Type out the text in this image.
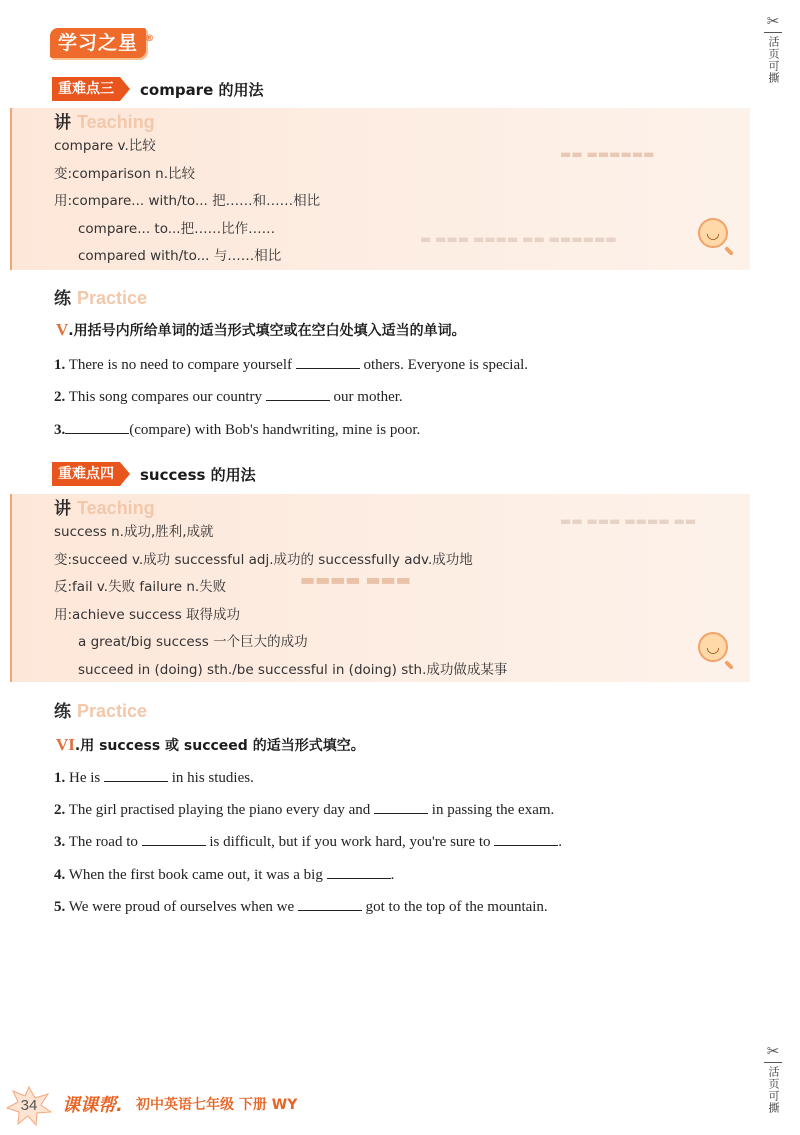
学习之星 ®
✂
活页可撕
✂
活页可撕
重难点三	compare 的用法
▬▬ ▬▬▬▬▬▬
▬ ▬▬▬ ▬▬▬▬ ▬▬ ▬▬▬▬▬▬
讲 Teaching
compare v.比较
变:comparison n.比较
用:compare... with/to... 把……和……相比
compare... to...把……比作……
compared with/to... 与……相比
◡
练 Practice
V.用括号内所给单词的适当形式填空或在空白处填入适当的单词。
1. There is no need to compare yourself	others. Everyone is special.
2. This song compares our country	our mother.
3.	(compare) with Bob's handwriting, mine is poor.
重难点四	success 的用法
▬▬▬▬ ▬▬▬
▬▬ ▬▬▬ ▬▬▬▬ ▬▬
讲 Teaching
success n.成功,胜利,成就
变:succeed v.成功 successful adj.成功的 successfully adv.成功地
反:fail v.失败 failure n.失败
用:achieve success 取得成功
a great/big success 一个巨大的成功
succeed in (doing) sth./be successful in (doing) sth.成功做成某事
◡
练 Practice
VI.用 success 或 succeed 的适当形式填空。
1. He is	in his studies.
2. The girl practised playing the piano every day and	in passing the exam.
3. The road to	is difficult, but if you work hard, you're sure to	.
4. When the first book came out, it was a big	.
5. We were proud of ourselves when we	got to the top of the mountain.
34	课课帮. 初中英语七年级 下册 WY
